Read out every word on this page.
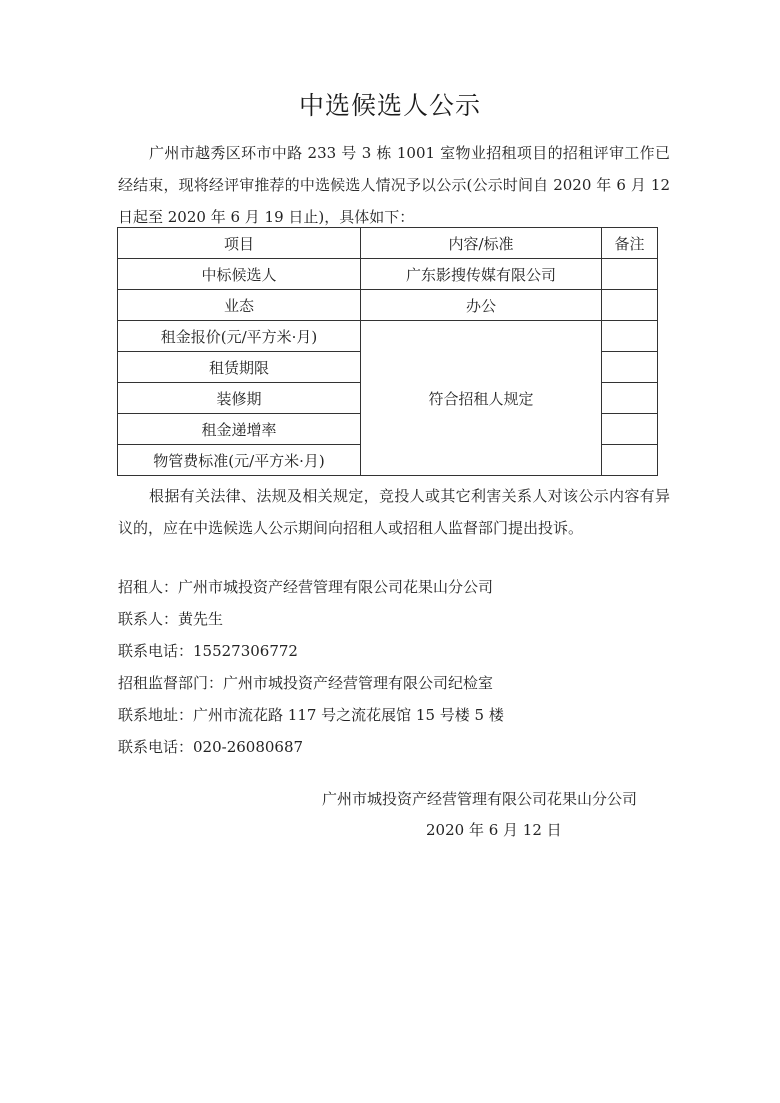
中选候选人公示
广州市越秀区环市中路 233 号 3 栋 1001 室物业招租项目的招租评审工作已经结束，现将经评审推荐的中选候选人情况予以公示(公示时间自 2020 年 6 月 12 日起至 2020 年 6 月 19 日止)，具体如下：
项目	内容/标准	备注
中标候选人	广东影搜传媒有限公司	
业态	办公	
租金报价(元/平方米·月)	符合招租人规定	
租赁期限		
装修期		
租金递增率		
物管费标准(元/平方米·月)		
根据有关法律、法规及相关规定，竞投人或其它利害关系人对该公示内容有异议的，应在中选候选人公示期间向招租人或招租人监督部门提出投诉。
招租人：广州市城投资产经营管理有限公司花果山分公司
联系人：黄先生
联系电话：15527306772
招租监督部门：广州市城投资产经营管理有限公司纪检室
联系地址：广州市流花路 117 号之流花展馆 15 号楼 5 楼
联系电话：020-26080687
广州市城投资产经营管理有限公司花果山分公司
2020 年 6 月 12 日
